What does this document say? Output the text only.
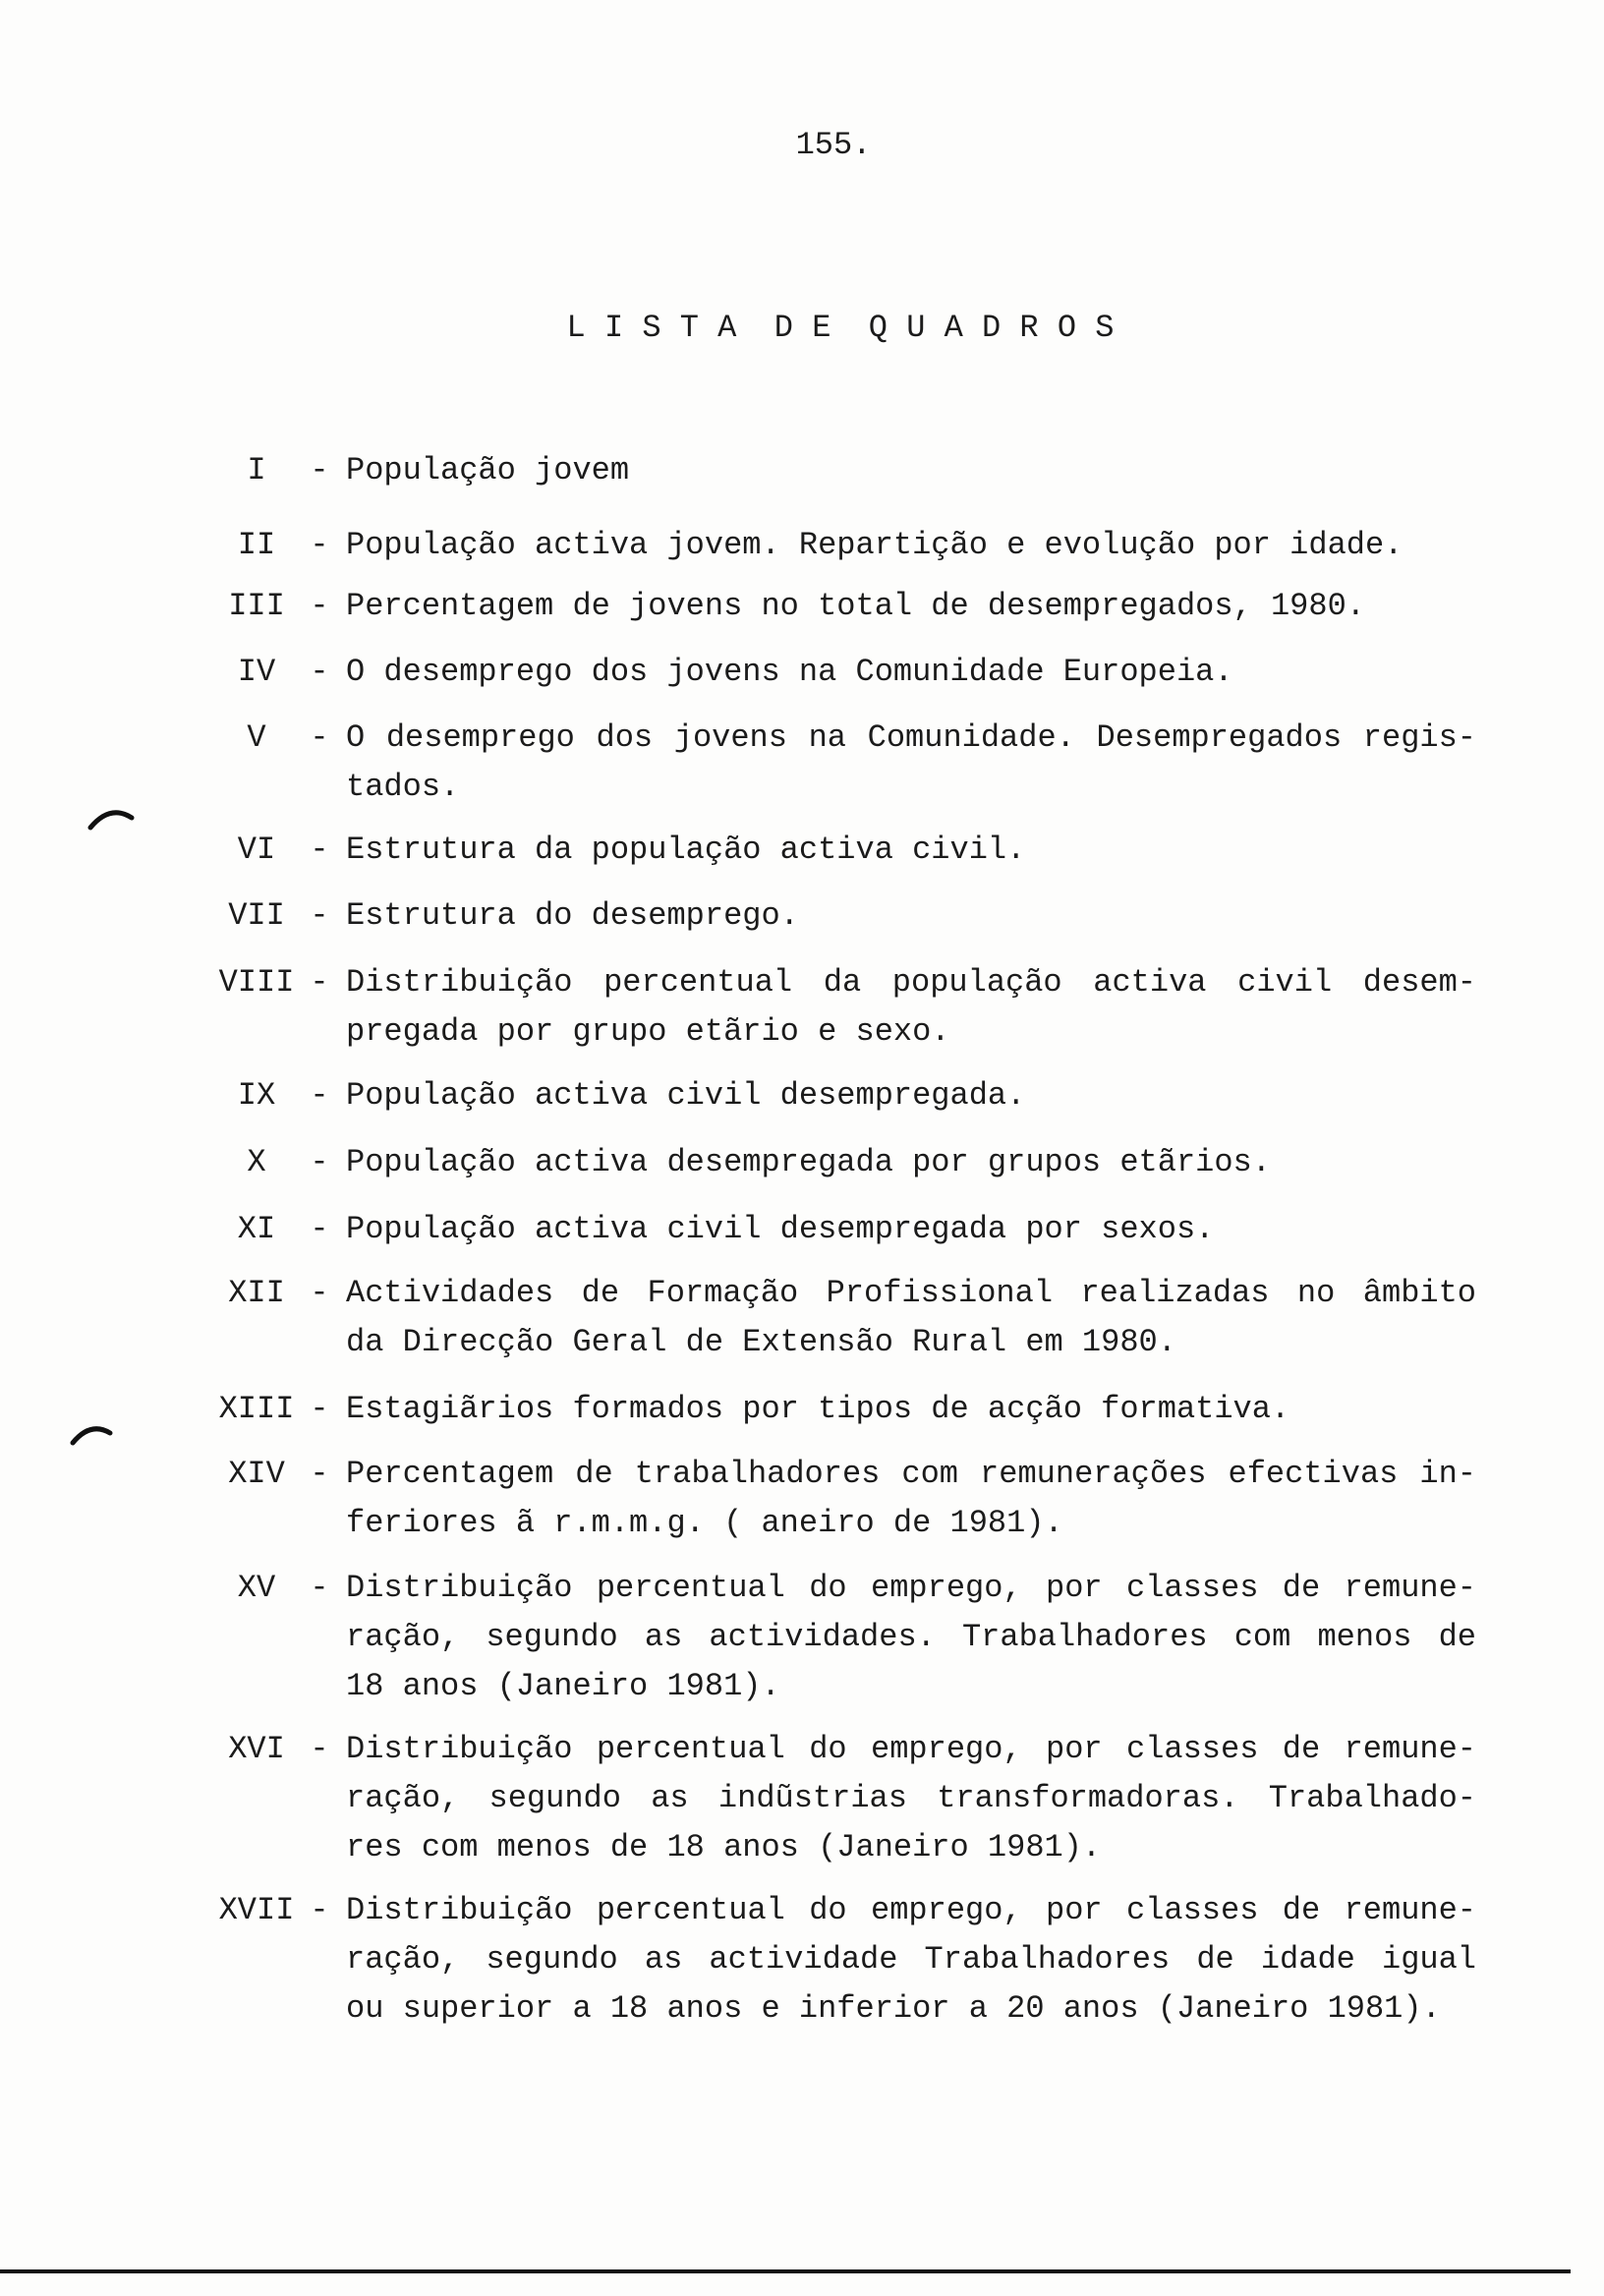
155.
L I S T A  D E  Q U A D R O S
I	- População jovem
II	- População activa jovem. Repartição e evolução por idade.
III - Percentagem de jovens no total de desempregados, 1980.
IV	- O desemprego dos jovens na Comunidade Europeia.
V	- O desemprego dos jovens na Comunidade. Desempregados regis-
tados.
VI	- Estrutura da população activa civil.
VII - Estrutura do desemprego.
VIII - Distribuição percentual da população activa civil desem-
pregada por grupo etãrio e sexo.
IX	- População activa civil desempregada.
X	- População activa desempregada por grupos etãrios.
XI	- População activa civil desempregada por sexos.
XII - Actividades de Formação Profissional realizadas no âmbito
da Direcção Geral de Extensão Rural em 1980.
XIII - Estagiãrios formados por tipos de acção formativa.
XIV - Percentagem de trabalhadores com remunerações efectivas in-
feriores ã r.m.m.g. ( aneiro de 1981).
XV	- Distribuição percentual do emprego, por classes de remune-
ração, segundo as actividades. Trabalhadores com menos de
18 anos (Janeiro 1981).
XVI - Distribuição percentual do emprego, por classes de remune-
ração, segundo as indũstrias transformadoras. Trabalhado-
res com menos de 18 anos (Janeiro 1981).
XVII - Distribuição percentual do emprego, por classes de remune-
ração, segundo as actividade Trabalhadores de idade igual
ou superior a 18 anos e inferior a 20 anos (Janeiro 1981).
